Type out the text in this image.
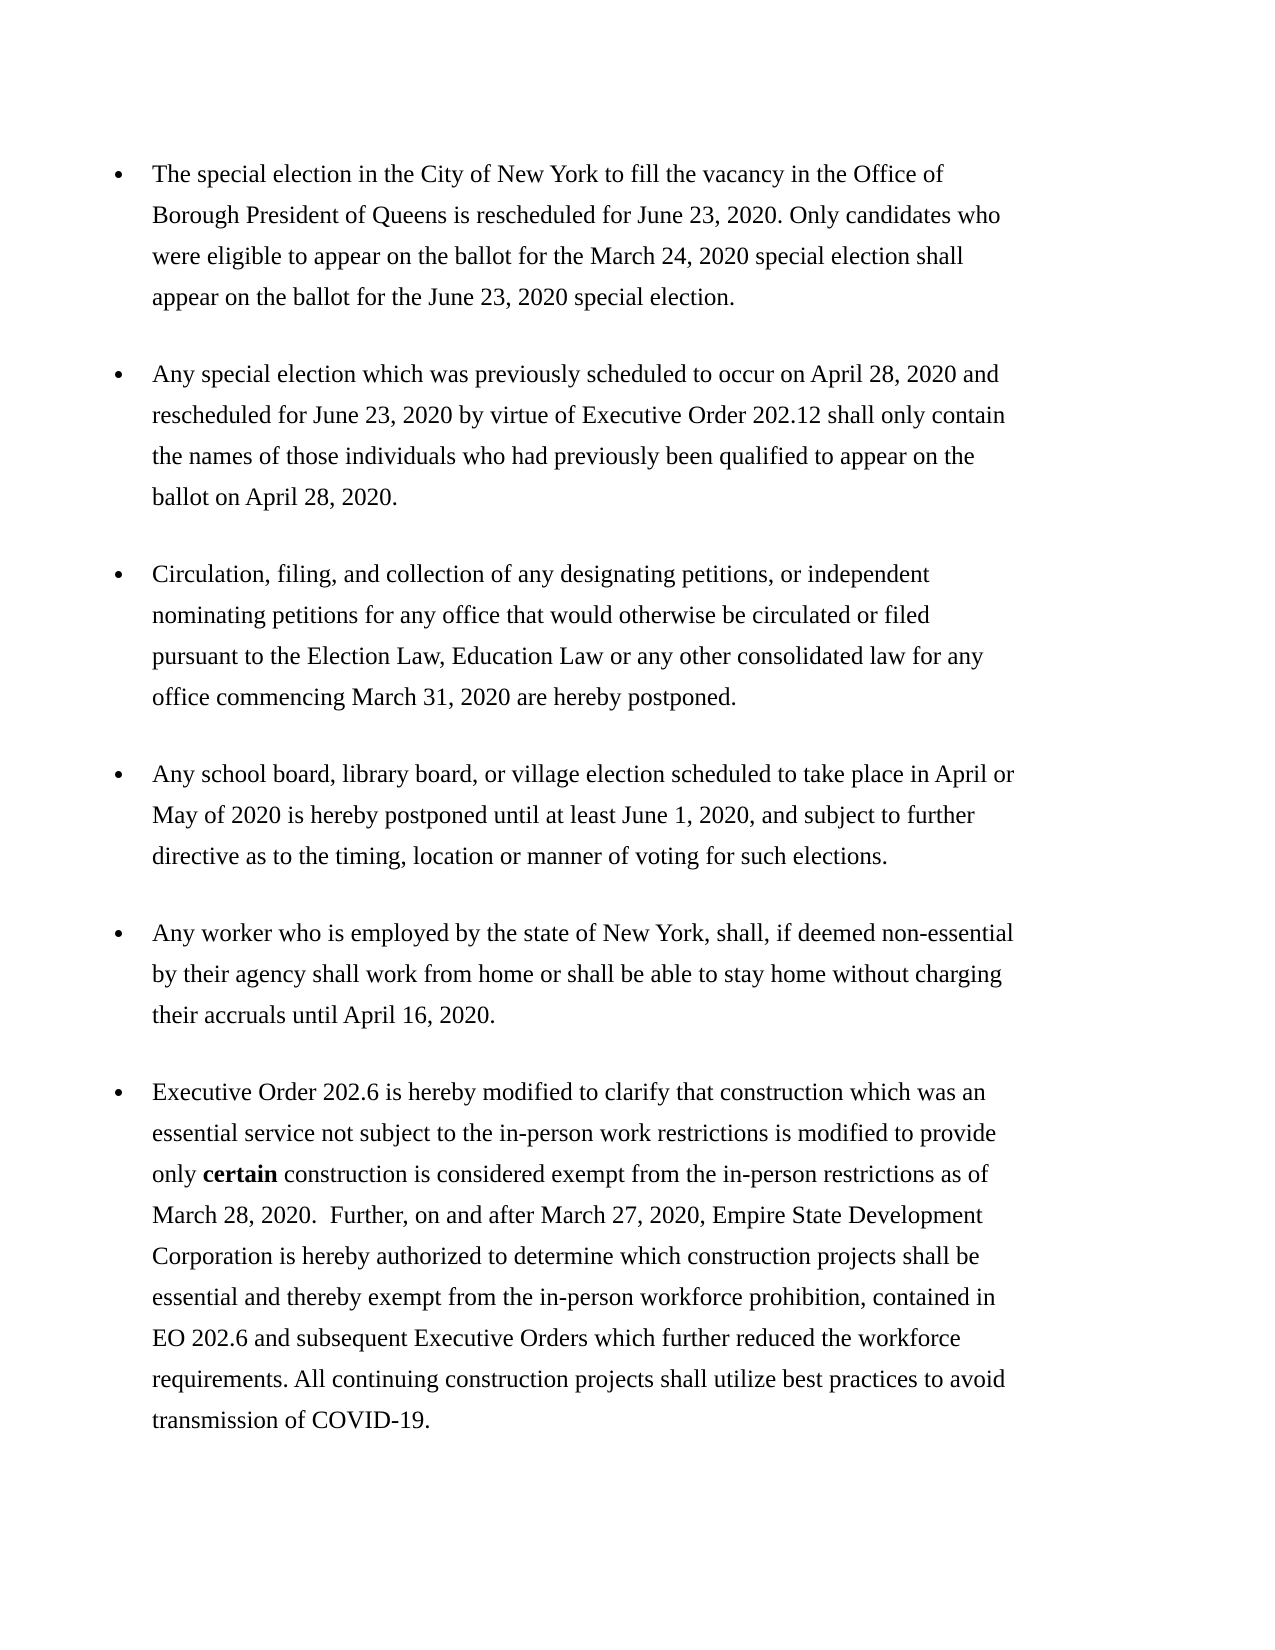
The special election in the City of New York to fill the vacancy in the Office of
Borough President of Queens is rescheduled for June 23, 2020. Only candidates who
were eligible to appear on the ballot for the March 24, 2020 special election shall
appear on the ballot for the June 23, 2020 special election.
Any special election which was previously scheduled to occur on April 28, 2020 and
rescheduled for June 23, 2020 by virtue of Executive Order 202.12 shall only contain
the names of those individuals who had previously been qualified to appear on the
ballot on April 28, 2020.
Circulation, filing, and collection of any designating petitions, or independent
nominating petitions for any office that would otherwise be circulated or filed
pursuant to the Election Law, Education Law or any other consolidated law for any
office commencing March 31, 2020 are hereby postponed.
Any school board, library board, or village election scheduled to take place in April or
May of 2020 is hereby postponed until at least June 1, 2020, and subject to further
directive as to the timing, location or manner of voting for such elections.
Any worker who is employed by the state of New York, shall, if deemed non-essential
by their agency shall work from home or shall be able to stay home without charging
their accruals until April 16, 2020.
Executive Order 202.6 is hereby modified to clarify that construction which was an
essential service not subject to the in-person work restrictions is modified to provide
only certain construction is considered exempt from the in-person restrictions as of
March 28, 2020.  Further, on and after March 27, 2020, Empire State Development
Corporation is hereby authorized to determine which construction projects shall be
essential and thereby exempt from the in-person workforce prohibition, contained in
EO 202.6 and subsequent Executive Orders which further reduced the workforce
requirements. All continuing construction projects shall utilize best practices to avoid
transmission of COVID-19.
